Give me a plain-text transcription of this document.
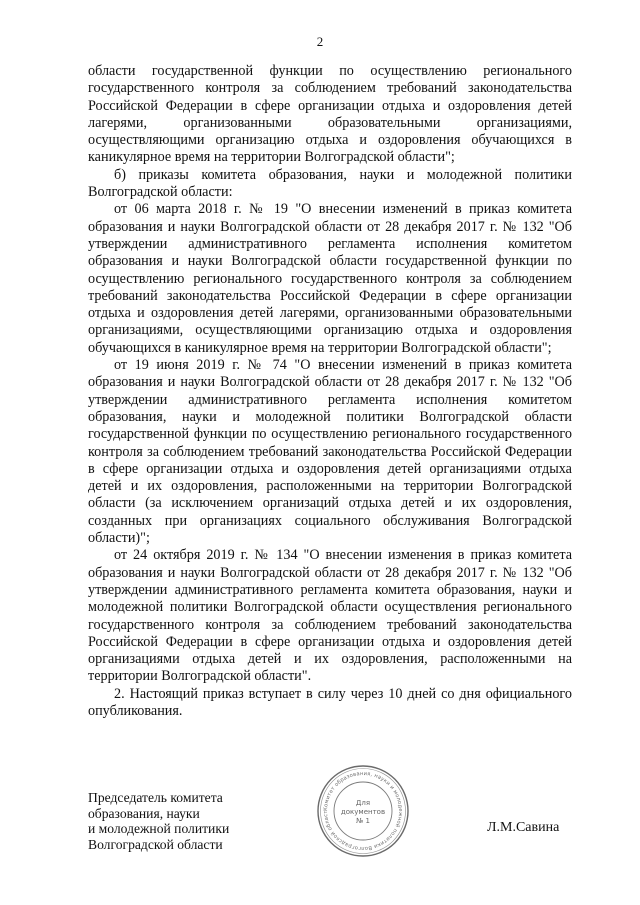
2

области государственной функции по осуществлению регионального государственного контроля за соблюдением требований законодательства Российской Федерации в сфере организации отдыха и оздоровления детей лагерями, организованными образовательными организациями, осуществляющими организацию отдыха и оздоровления обучающихся в каникулярное время на территории Волгоградской области";

б) приказы комитета образования, науки и молодежной политики Волгоградской области:

от 06 марта 2018 г. № 19 "О внесении изменений в приказ комитета образования и науки Волгоградской области от 28 декабря 2017 г. № 132 "Об утверждении административного регламента исполнения комитетом образования и науки Волгоградской области государственной функции по осуществлению регионального государственного контроля за соблюдением требований законодательства Российской Федерации в сфере организации отдыха и оздоровления детей лагерями, организованными образовательными организациями, осуществляющими организацию отдыха и оздоровления обучающихся в каникулярное время на территории Волгоградской области";

от 19 июня 2019 г. № 74 "О внесении изменений в приказ комитета образования и науки Волгоградской области от 28 декабря 2017 г. № 132 "Об утверждении административного регламента исполнения комитетом образования, науки и молодежной политики Волгоградской области государственной функции по осуществлению регионального государственного контроля за соблюдением требований законодательства Российской Федерации в сфере организации отдыха и оздоровления детей организациями отдыха детей и их оздоровления, расположенными на территории Волгоградской области (за исключением организаций отдыха детей и их оздоровления, созданных при организациях социального обслуживания Волгоградской области)";

от 24 октября 2019 г. № 134 "О внесении изменения в приказ комитета образования и науки Волгоградской области от 28 декабря 2017 г. № 132 "Об утверждении административного регламента комитета образования, науки и молодежной политики Волгоградской области осуществления регионального государственного контроля за соблюдением требований законодательства Российской Федерации в сфере организации отдыха и оздоровления детей организациями отдыха детей и их оздоровления, расположенными на территории Волгоградской области".

2. Настоящий приказ вступает в силу через 10 дней со дня официального опубликования.

Председатель комитета
образования, науки
и молодежной политики
Волгоградской области
Комитет образования, науки и молодежной политики Волгоградской област
Для
документов
№ 1	Л.М.Савина
